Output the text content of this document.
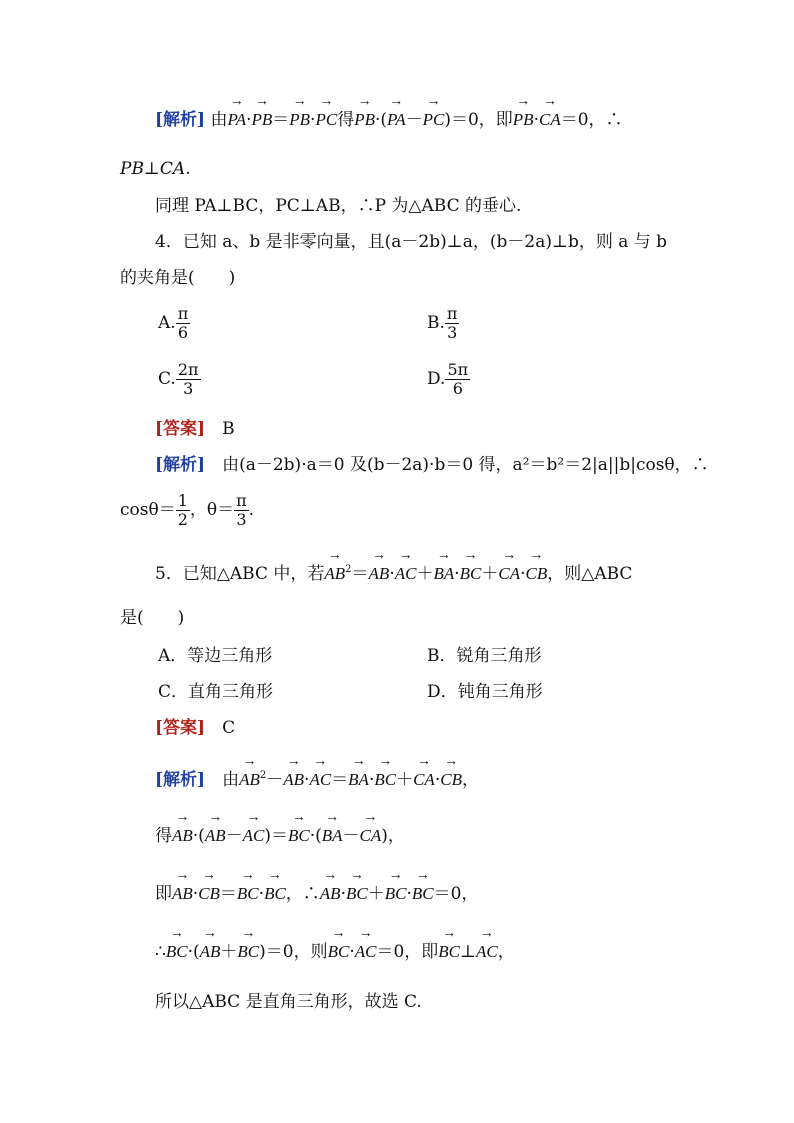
[解析] 由→ PA·→ PB＝→ PB·→ PC得→ PB·(→ PA－→ PC)＝0，即→ PB·→ CA＝0，∴
PB⊥CA.
同理 PA⊥BC，PC⊥AB，∴P 为△ABC 的垂心.
4．已知 a、b 是非零向量，且(a－2b)⊥a，(b－2a)⊥b，则 a 与 b
的夹角是(　　)
A. $\frac{\pi}{6}$	B. $\frac{\pi}{3}$
C. $\frac{2\pi}{3}$	D. $\frac{5\pi}{6}$
[答案]　 B
[解析]　 由(a－2b)·a＝0 及(b－2a)·b＝0 得，a²＝b²＝2|a||b|cosθ，∴
$\cos\theta= \frac{1}{2}$ ，$\theta= \frac{\pi}{3}$ .
5．已知△ABC 中，若→ $AB^2=\to AB\cdot\to AC+\to BA\cdot\to BC+\to CA\cdot\to$ CB，则△ABC
是(　　)
A．等边三角形	B．锐角三角形
C．直角三角形	D．钝角三角形
[答案]　 C
[解析]　 由→ $AB^2-\to AB\cdot\to AC=\to BA\cdot\to BC+\to CA\cdot\to$ CB，
得→ AB·(→ AB－→ AC)＝→ BC·(→ BA－→ CA)，
即→ AB·→ CB＝→ BC·→ BC，∴→ AB·→ BC＋→ BC·→ BC＝0，
∴→ BC·(→ AB＋→ BC)＝0，则→ BC·→ AC＝0，即→ BC⊥→ AC，
所以△ABC 是直角三角形，故选 C.
